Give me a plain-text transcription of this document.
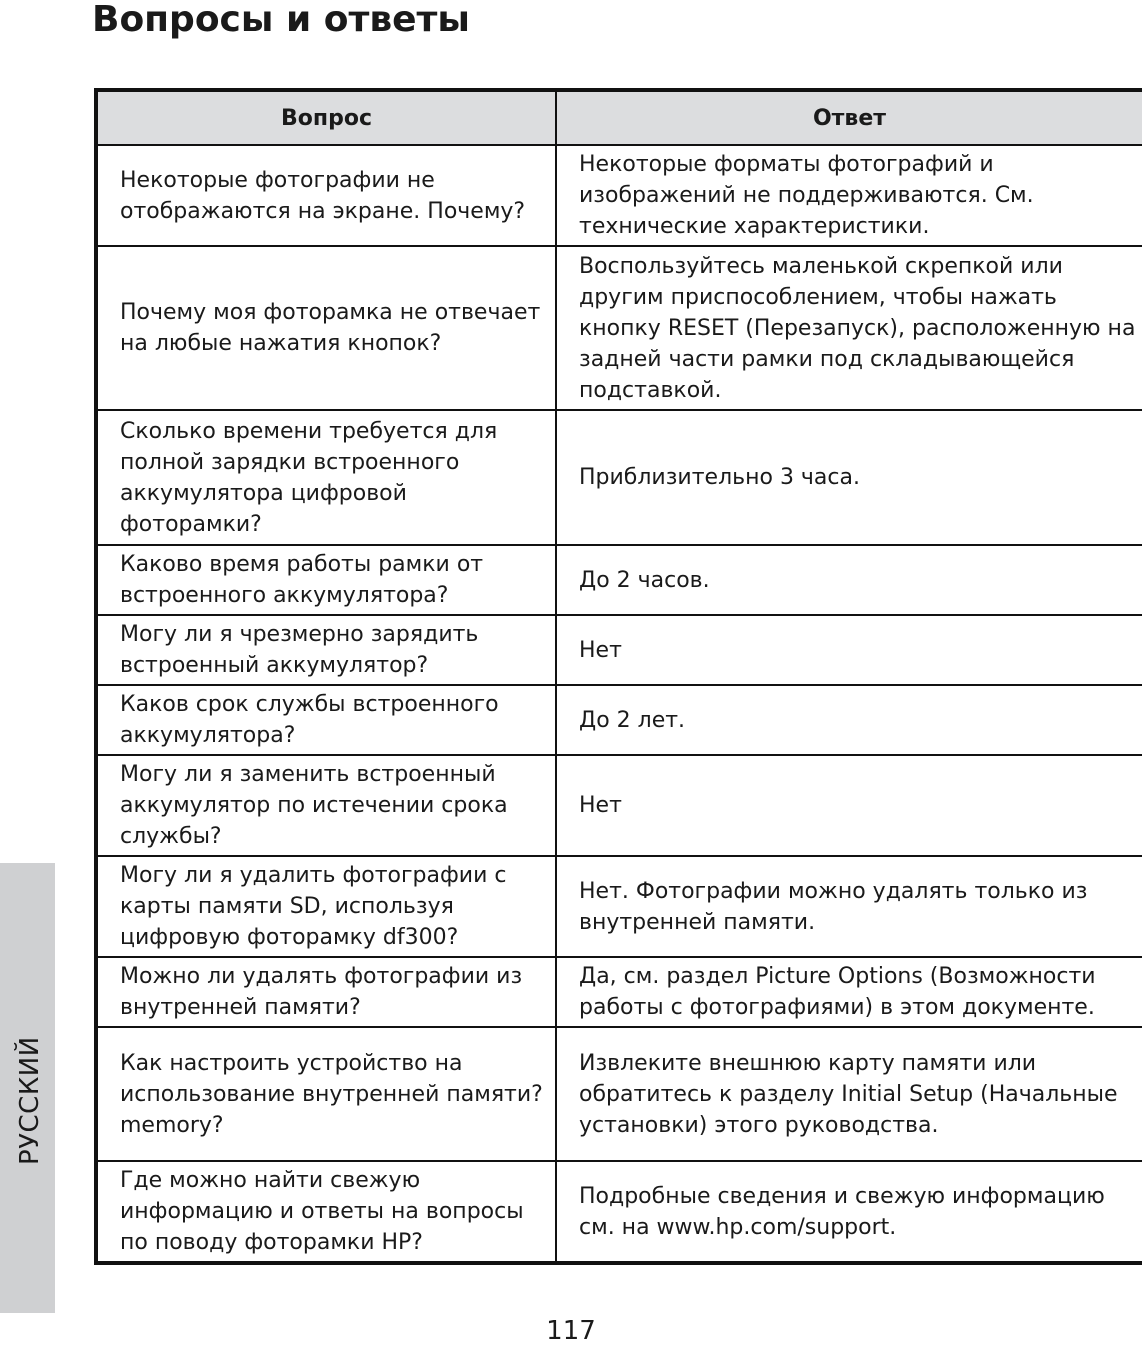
Вопросы и ответы
Вопрос	Ответ
Некоторые фотографии не отображаются на экране. Почему?	Некоторые форматы фотографий и изображений не поддерживаются. См. технические характеристики.
Почему моя фоторамка не отвечает на любые нажатия кнопок?	Воспользуйтесь маленькой скрепкой или другим приспособлением, чтобы нажать кнопку RESET (Перезапуск), расположенную на задней части рамки под складывающейся подставкой.
Сколько времени требуется для полной зарядки встроенного аккумулятора цифровой фоторамки?	Приблизительно 3 часа.
Каково время работы рамки от встроенного аккумулятора?	До 2 часов.
Могу ли я чрезмерно зарядить встроенный аккумулятор?	Нет
Каков срок службы встроенного аккумулятора?	До 2 лет.
Могу ли я заменить встроенный аккумулятор по истечении срока службы?	Нет
Могу ли я удалить фотографии с карты памяти SD, используя цифровую фоторамку df300?	Нет. Фотографии можно удалять только из внутренней памяти.
Можно ли удалять фотографии из внутренней памяти?	Да, см. раздел Picture Options (Возможности работы с фотографиями) в этом документе.
Как настроить устройство на использование внутренней памяти?memory?	Извлеките внешнюю карту памяти или обратитесь к разделу Initial Setup (Начальные установки) этого руководства.
Где можно найти свежую информацию и ответы на вопросы по поводу фоторамки HP?	Подробные сведения и свежую информацию см. на www.hp.com/support.
РУССКИЙ
117
